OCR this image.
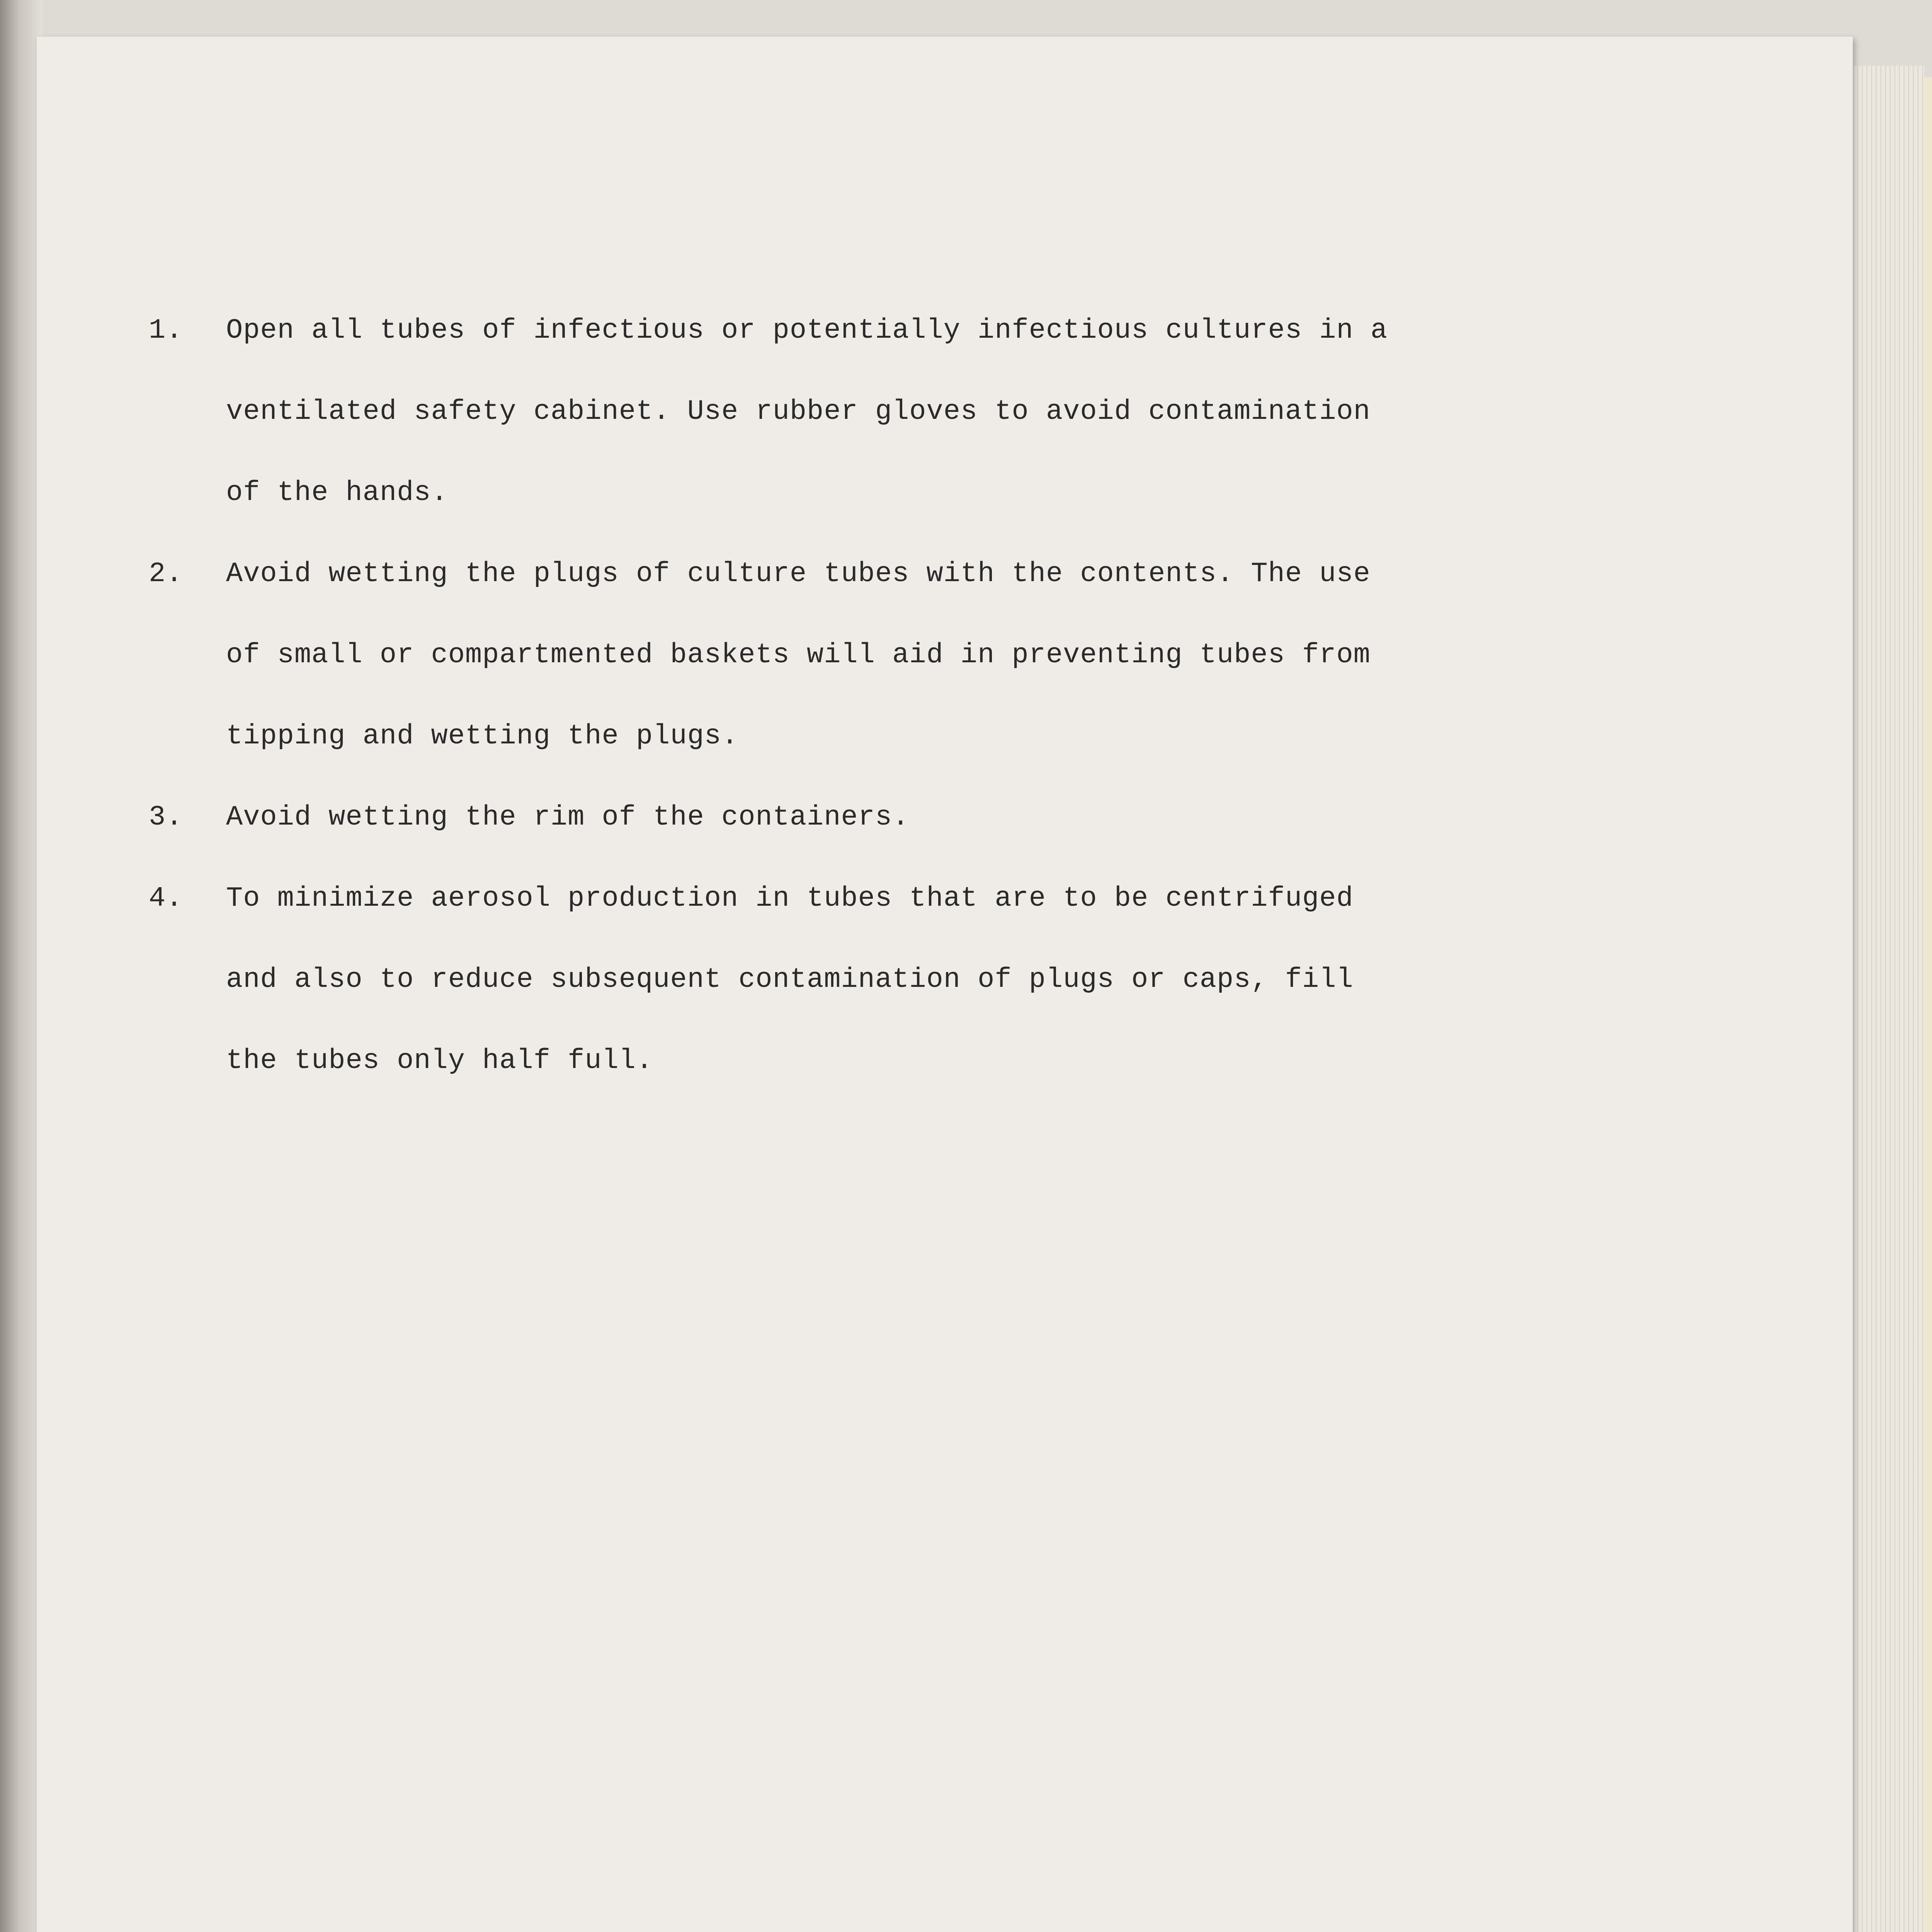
1.	Open all tubes of infectious or potentially infectious cultures in a
ventilated safety cabinet. Use rubber gloves to avoid contamination
of the hands.
2.	Avoid wetting the plugs of culture tubes with the contents. The use
of small or compartmented baskets will aid in preventing tubes from
tipping and wetting the plugs.
3.	Avoid wetting the rim of the containers.
4.	To minimize aerosol production in tubes that are to be centrifuged
and also to reduce subsequent contamination of plugs or caps, fill
the tubes only half full.
